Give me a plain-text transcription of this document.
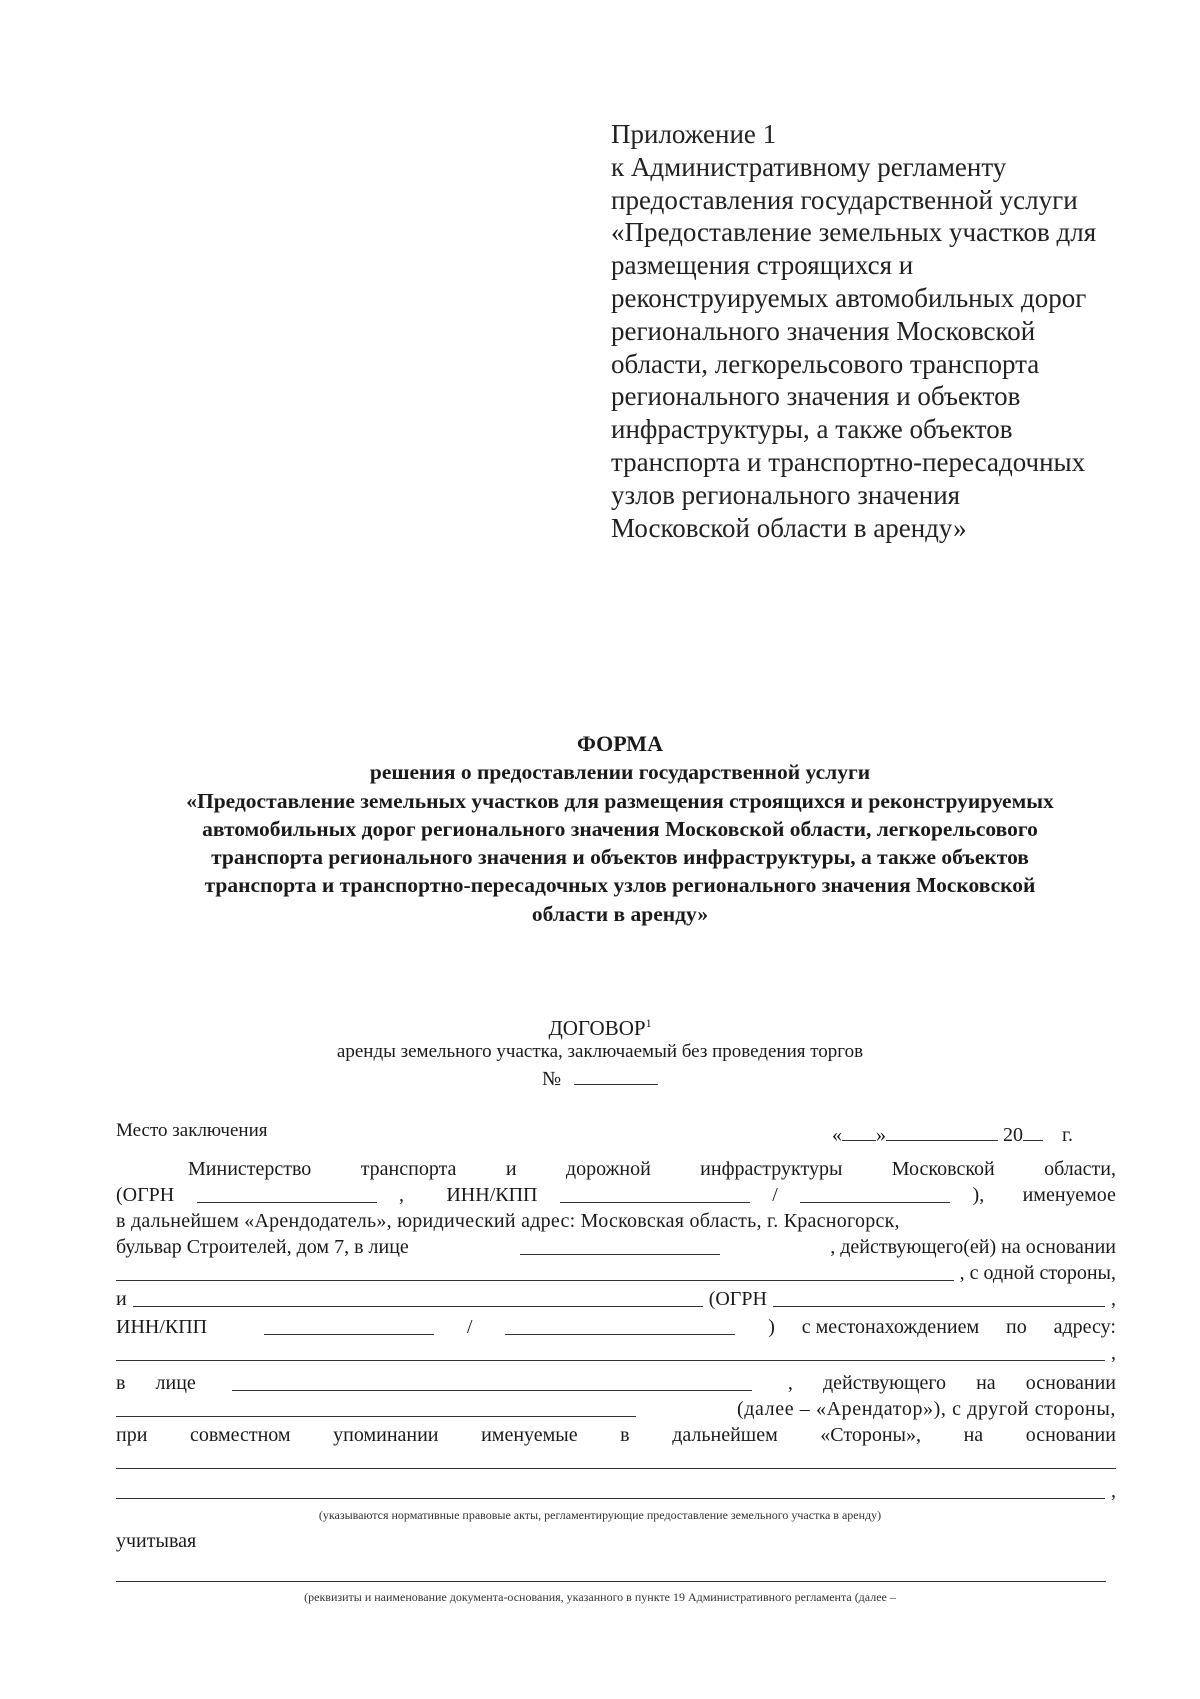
Приложение 1
к Административному регламенту
предоставления государственной услуги
«Предоставление земельных участков для
размещения строящихся и
реконструируемых автомобильных дорог
регионального значения Московской
области, легкорельсового транспорта
регионального значения и объектов
инфраструктуры, а также объектов
транспорта и транспортно-пересадочных
узлов регионального значения
Московской области в аренду»
ФОРМА
решения о предоставлении государственной услуги
«Предоставление земельных участков для размещения строящихся и реконструируемых
автомобильных дорог регионального значения Московской области, легкорельсового
транспорта регионального значения и объектов инфраструктуры, а также объектов
транспорта и транспортно-пересадочных узлов регионального значения Московской
области в аренду»
ДОГОВОР$^1$
аренды земельного участка, заключаемый без проведения торгов
№
Место заключения	« »	20 г.
Министерство транспорта и дорожной инфраструктуры Московской области,
(ОГРН	, ИНН/КПП	/	), именуемое
в дальнейшем «Арендодатель», юридический адрес: Московская область, г. Красногорск,
бульвар Строителей, дом 7, в лице	, действующего(ей) на основании
, с одной стороны,
и	(ОГРН	,
ИНН/КПП	/	) с местонахождением по адресу:
,
в лице	, действующего на основании
(далее – «Арендатор»), с другой стороны,
при совместном упоминании именуемые в дальнейшем «Стороны», на основании
,
(указываются нормативные правовые акты, регламентирующие предоставление земельного участка в аренду)
учитывая
(реквизиты и наименование документа-основания, указанного в пункте 19 Административного регламента (далее –
